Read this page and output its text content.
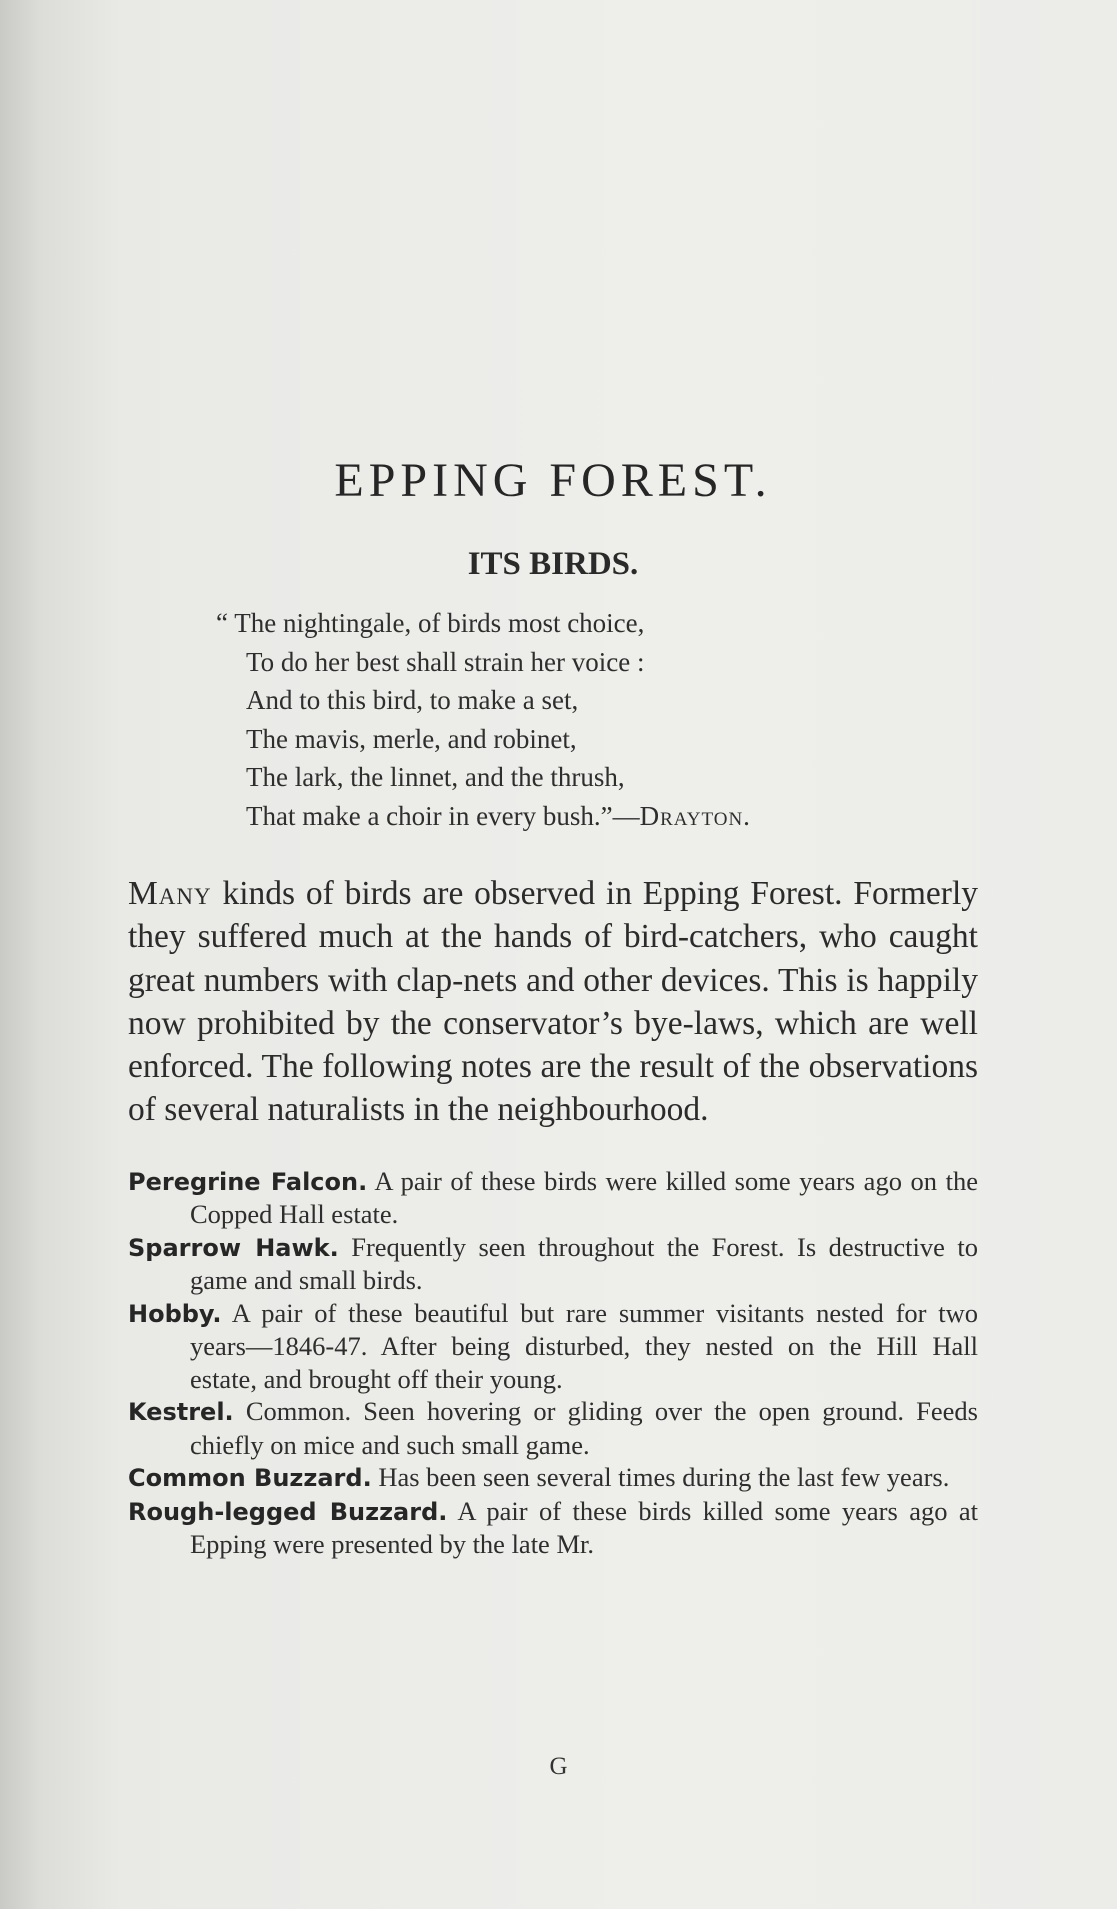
EPPING FOREST.
ITS BIRDS.
“ The nightingale, of birds most choice,
To do her best shall strain her voice :
And to this bird, to make a set,
The mavis, merle, and robinet,
The lark, the linnet, and the thrush,
That make a choir in every bush.”—Drayton.

Many kinds of birds are observed in Epping Forest. Formerly they suffered much at the hands of bird-catchers, who caught great numbers with clap-nets and other devices. This is happily now prohibited by the conservator’s bye-laws, which are well enforced. The following notes are the result of the observations of several naturalists in the neighbourhood.

Peregrine Falcon. A pair of these birds were killed some years ago on the Copped Hall estate.

Sparrow Hawk. Frequently seen throughout the Forest. Is destructive to game and small birds.

Hobby. A pair of these beautiful but rare summer visitants nested for two years—1846-47. After being disturbed, they nested on the Hill Hall estate, and brought off their young.

Kestrel. Common. Seen hovering or gliding over the open ground. Feeds chiefly on mice and such small game.

Common Buzzard. Has been seen several times during the last few years.

Rough-legged Buzzard. A pair of these birds killed some years ago at Epping were presented by the late Mr.

G
